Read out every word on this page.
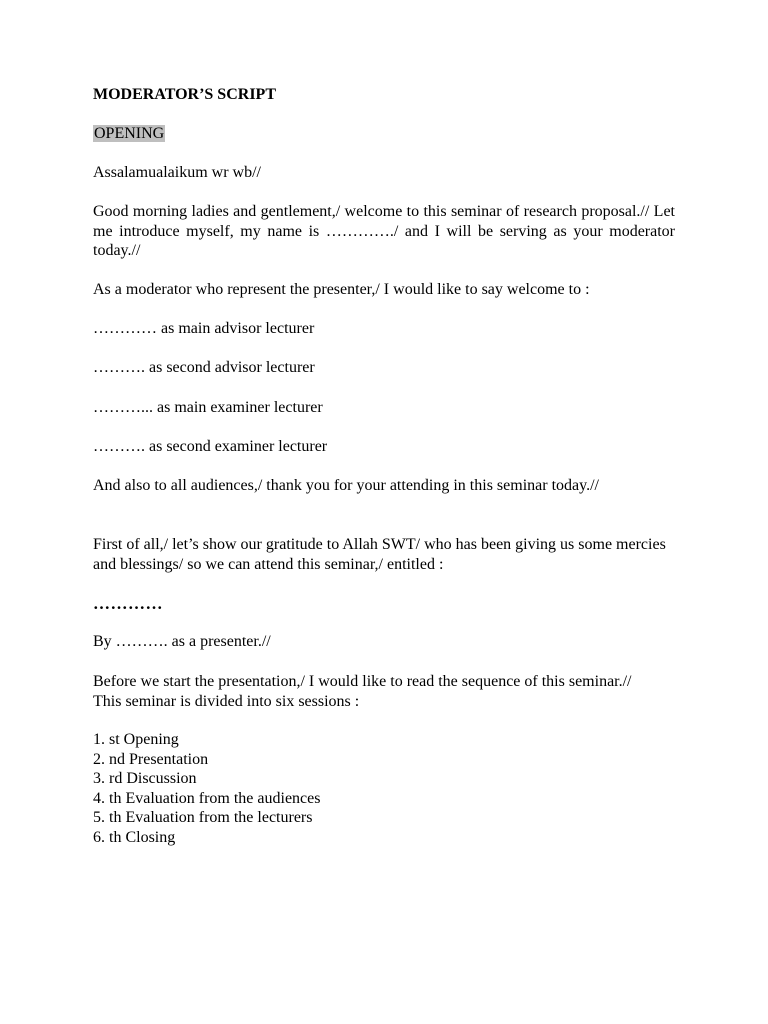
MODERATOR’S SCRIPT
OPENING
Assalamualaikum wr wb//
Good morning ladies and gentlement,/ welcome to this seminar of research proposal.// Let me introduce myself, my name is …………./ and I will be serving as your moderator today.//
As a moderator who represent the presenter,/ I would like to say welcome to :
………… as main advisor lecturer
………. as second advisor lecturer
………... as main examiner lecturer
………. as second examiner lecturer
And also to all audiences,/ thank you for your attending in this seminar today.//
First of all,/ let’s show our gratitude to Allah SWT/ who has been giving us some mercies and blessings/ so we can attend this seminar,/ entitled :
…………
By ………. as a presenter.//
Before we start the presentation,/ I would like to read the sequence of this seminar.// This seminar is divided into six sessions :
1. st Opening
2. nd Presentation
3. rd Discussion
4. th Evaluation from the audiences
5. th Evaluation from the lecturers
6. th Closing
